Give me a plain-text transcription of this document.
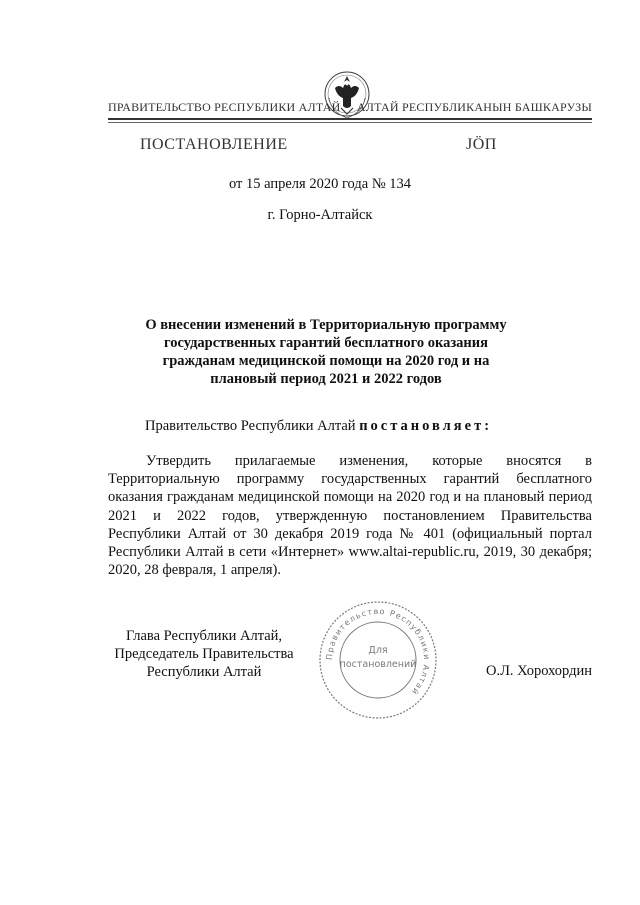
ПРАВИТЕЛЬСТВО РЕСПУБЛИКИ АЛТАЙ АЛТАЙ РЕСПУБЛИКАНЫН БАШКАРУЗЫ
ПОСТАНОВЛЕНИЕ	JÖП
от 15 апреля 2020 года № 134
г. Горно-Алтайск
О внесении изменений в Территориальную программу государственных гарантий бесплатного оказания гражданам медицинской помощи на 2020 год и на плановый период 2021 и 2022 годов
Правительство Республики Алтай постановляет:

Утвердить прилагаемые изменения, которые вносятся в Территориальную программу государственных гарантий бесплатного оказания гражданам медицинской помощи на 2020 год и на плановый период 2021 и 2022 годов, утвержденную постановлением Правительства Республики Алтай от 30 декабря 2019 года № 401 (официальный портал Республики Алтай в сети «Интернет» www.altai-republic.ru, 2019, 30 декабря; 2020, 28 февраля, 1 апреля).

Глава Республики Алтай,
Председатель Правительства
Республики Алтай
Правительство Республики Алтай
Для
постановлений	О.Л. Хорохордин
